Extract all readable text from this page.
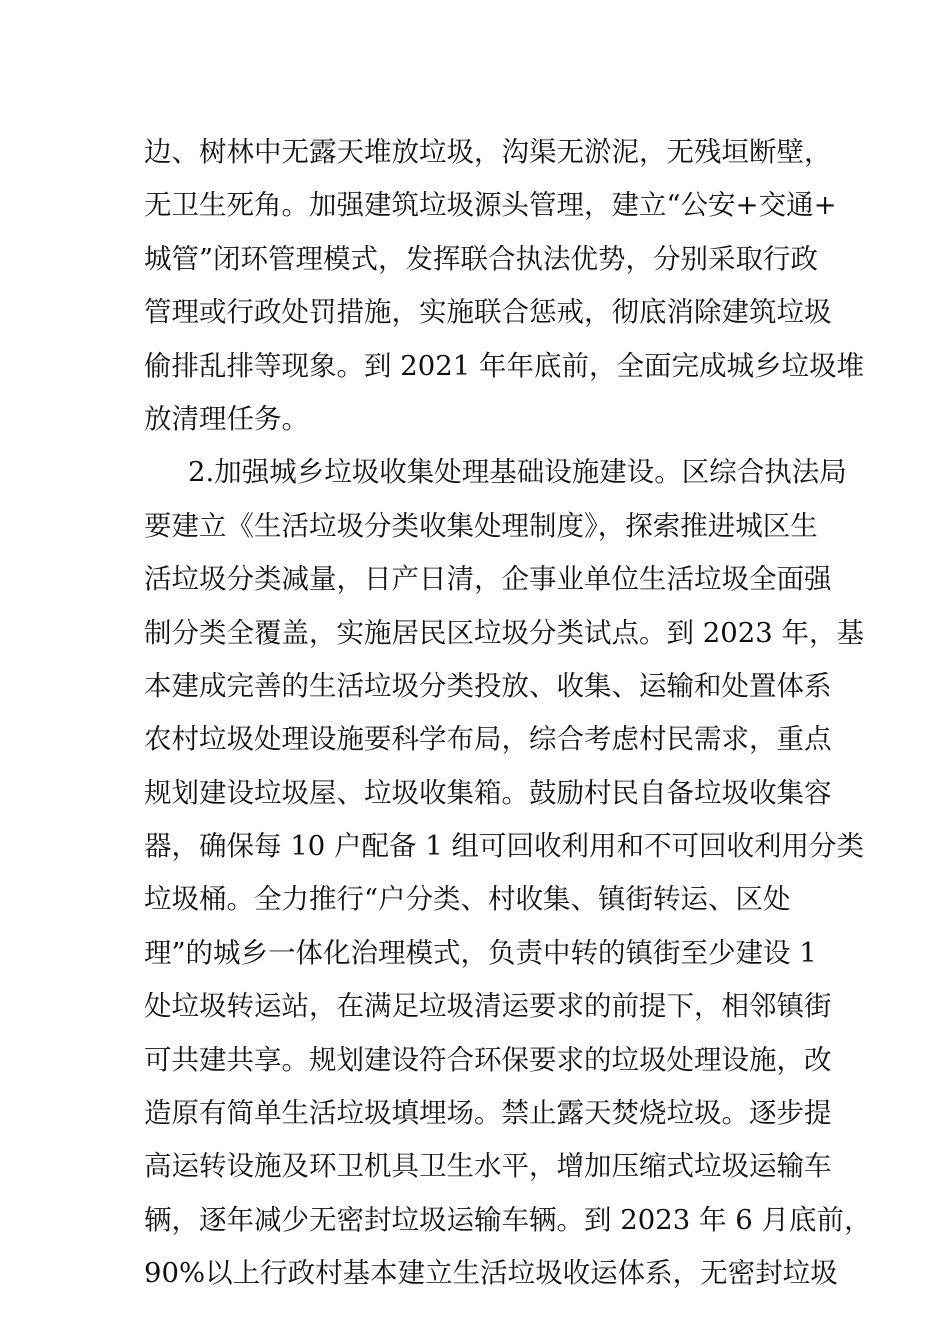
边、树林中无露天堆放垃圾，沟渠无淤泥，无残垣断壁，
无卫生死角。加强建筑垃圾源头管理，建立“公安+交通+
城管”闭环管理模式，发挥联合执法优势，分别采取行政
管理或行政处罚措施，实施联合惩戒，彻底消除建筑垃圾
偷排乱排等现象。到 2021 年年底前，全面完成城乡垃圾堆
放清理任务。
2.加强城乡垃圾收集处理基础设施建设。区综合执法局
要建立《生活垃圾分类收集处理制度》，探索推进城区生
活垃圾分类减量，日产日清，企事业单位生活垃圾全面强
制分类全覆盖，实施居民区垃圾分类试点。到 2023 年，基
本建成完善的生活垃圾分类投放、收集、运输和处置体系
农村垃圾处理设施要科学布局，综合考虑村民需求，重点
规划建设垃圾屋、垃圾收集箱。鼓励村民自备垃圾收集容
器，确保每 10 户配备 1 组可回收利用和不可回收利用分类
垃圾桶。全力推行“户分类、村收集、镇街转运、区处
理”的城乡一体化治理模式，负责中转的镇街至少建设 1
处垃圾转运站，在满足垃圾清运要求的前提下，相邻镇街
可共建共享。规划建设符合环保要求的垃圾处理设施，改
造原有简单生活垃圾填埋场。禁止露天焚烧垃圾。逐步提
高运转设施及环卫机具卫生水平，增加压缩式垃圾运输车
辆，逐年减少无密封垃圾运输车辆。到 2023 年 6 月底前，
90%以上行政村基本建立生活垃圾收运体系，无密封垃圾
